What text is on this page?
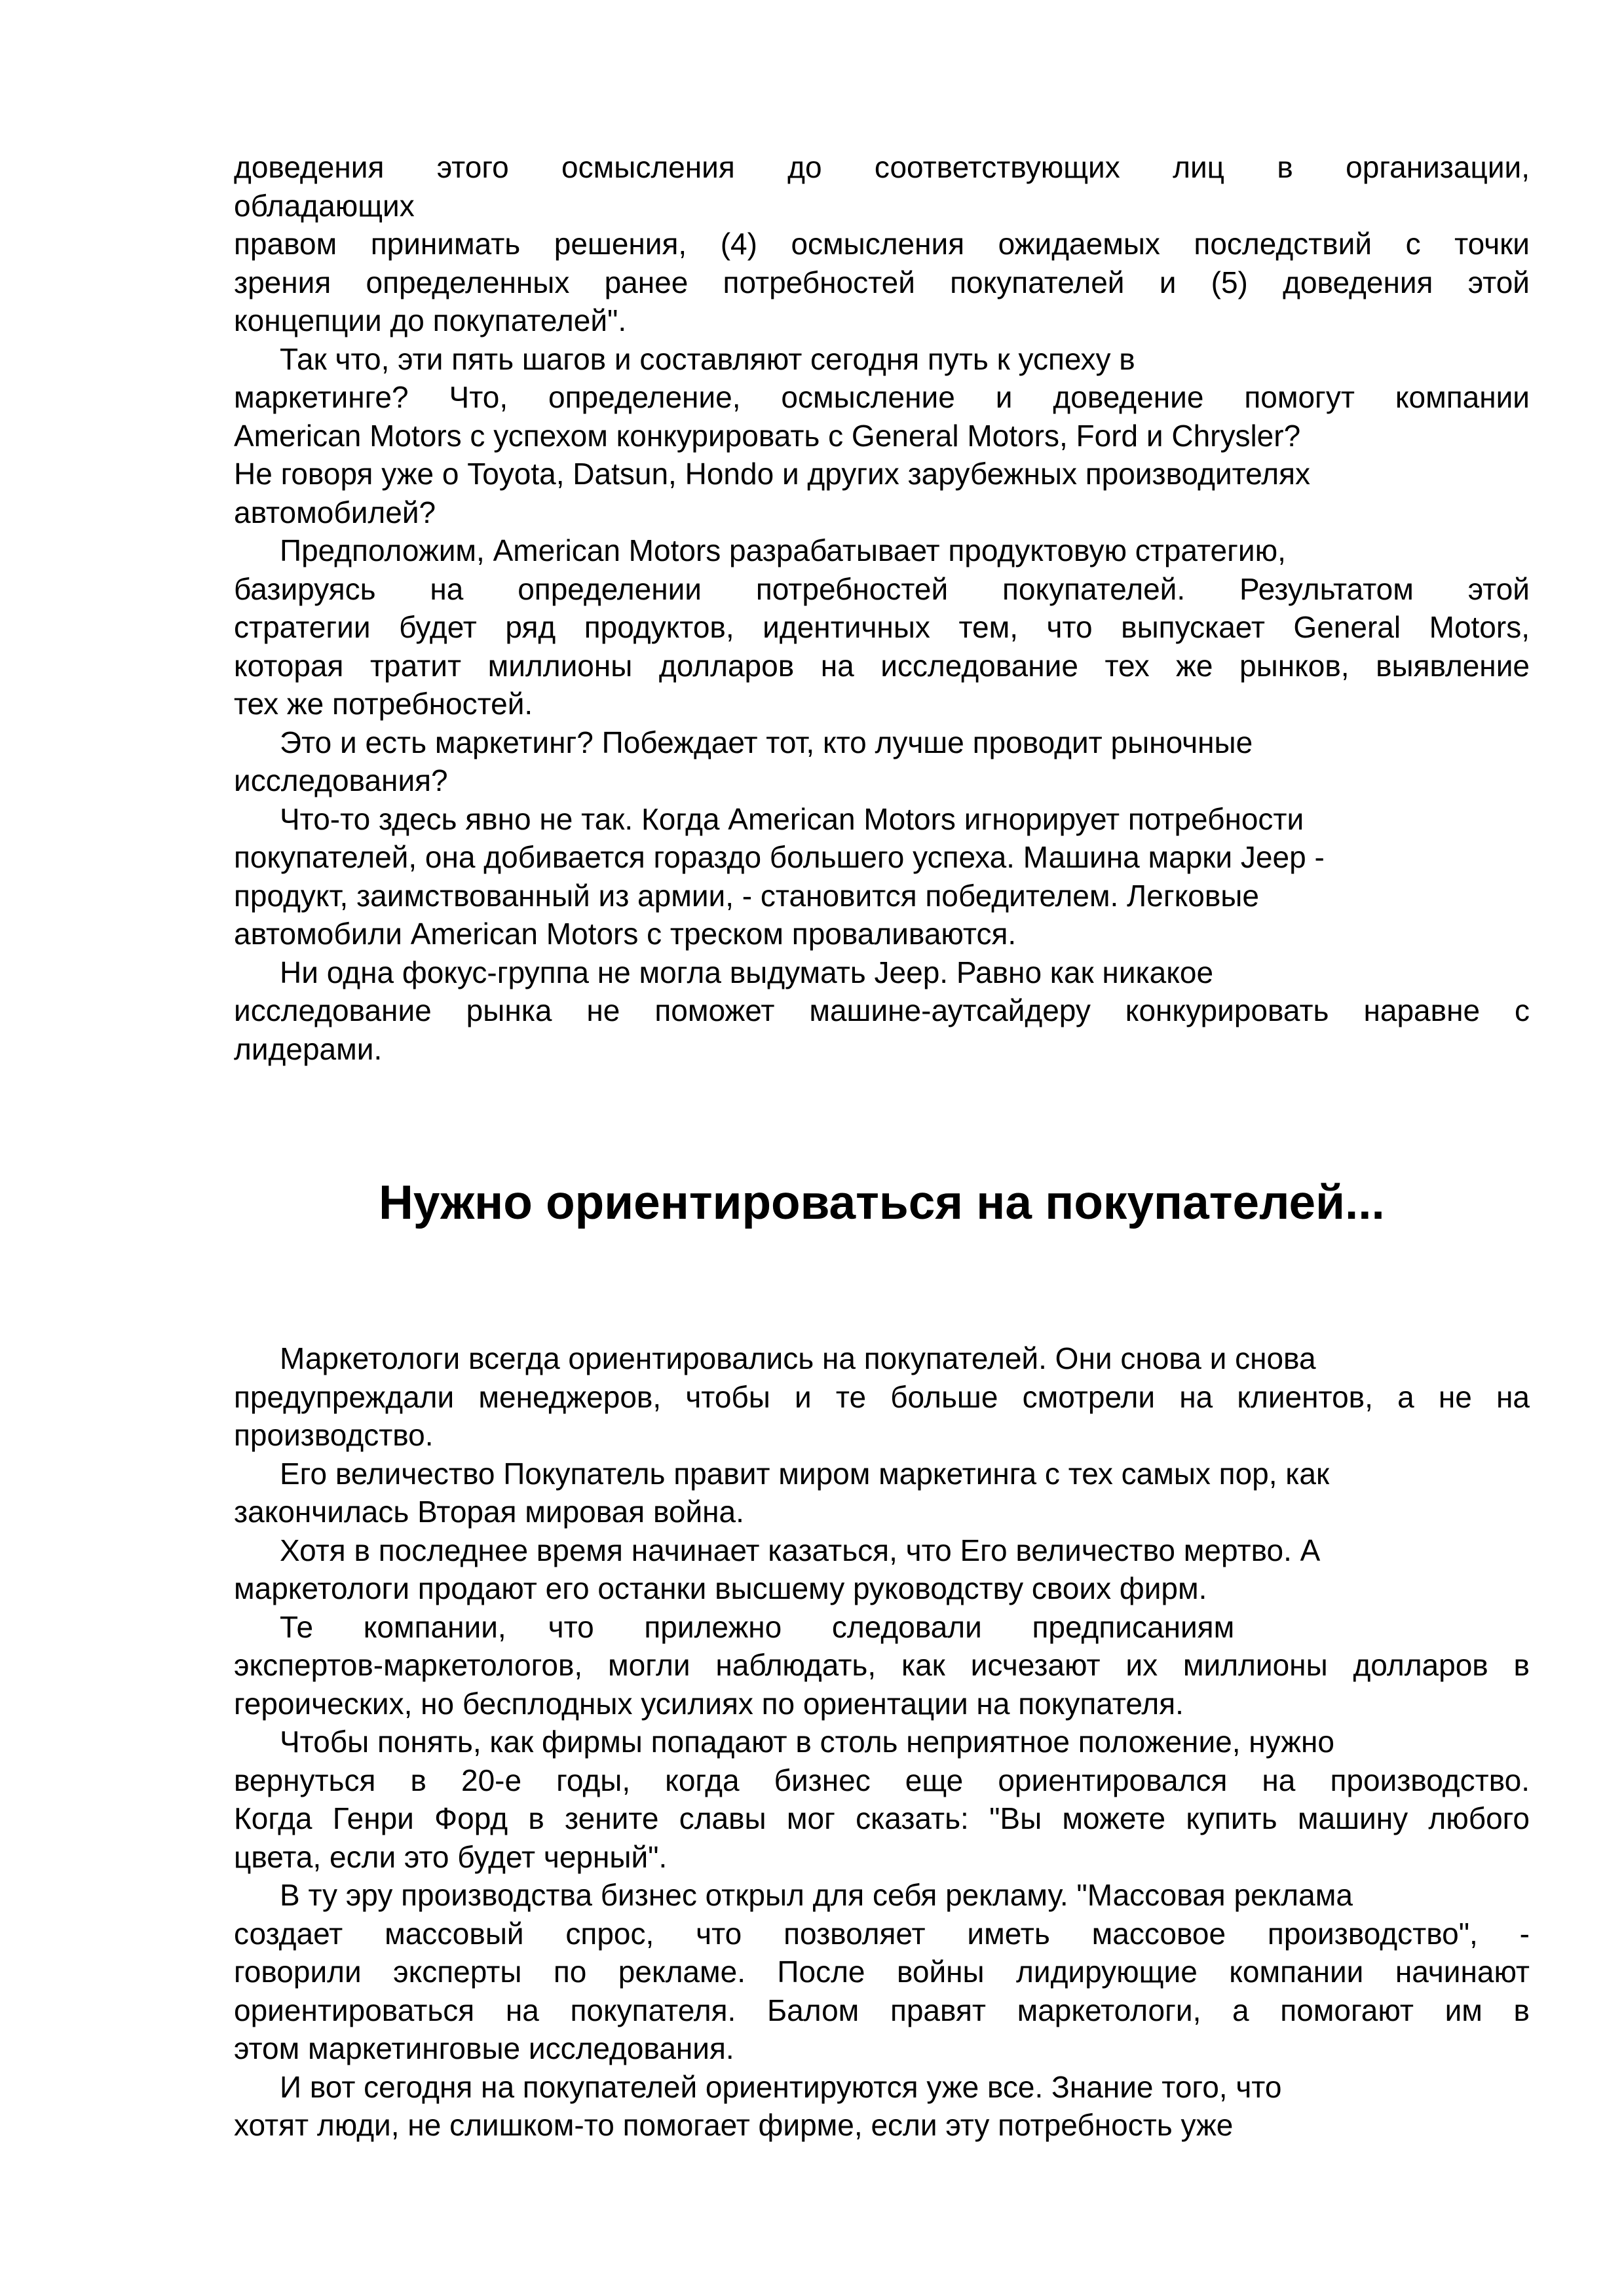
доведения этого осмысления до соответствующих лиц в организации,
обладающих
правом принимать решения, (4) осмысления ожидаемых последствий с точки
зрения определенных ранее потребностей покупателей и (5) доведения этой
концепции до покупателей".

Так что, эти пять шагов и составляют сегодня путь к успеху в
маркетинге? Что, определение, осмысление и доведение помогут компании
American Motors с успехом конкурировать с General Motors, Ford и Chrysler?
Не говоря уже о Toyota, Datsun, Hondo и других зарубежных производителях
автомобилей?

Предположим, American Motors разрабатывает продуктовую стратегию,
базируясь на определении потребностей покупателей. Результатом этой
стратегии будет ряд продуктов, идентичных тем, что выпускает General Motors,
которая тратит миллионы долларов на исследование тех же рынков, выявление
тех же потребностей.

Это и есть маркетинг? Побеждает тот, кто лучше проводит рыночные
исследования?

Что-то здесь явно не так. Когда American Motors игнорирует потребности
покупателей, она добивается гораздо большего успеха. Машина марки Jeep -
продукт, заимствованный из армии, - становится победителем. Легковые
автомобили American Motors с треском проваливаются.

Ни одна фокус-группа не могла выдумать Jeep. Равно как никакое
исследование рынка не поможет машине-аутсайдеру конкурировать наравне с
лидерами.

Нужно ориентироваться на покупателей...

Маркетологи всегда ориентировались на покупателей. Они снова и снова
предупреждали менеджеров, чтобы и те больше смотрели на клиентов, а не на
производство.

Его величество Покупатель правит миром маркетинга с тех самых пор, как
закончилась Вторая мировая война.

Хотя в последнее время начинает казаться, что Его величество мертво. А
маркетологи продают его останки высшему руководству своих фирм.

Те      компании,     что      прилежно      следовали      предписаниям
экспертов-маркетологов, могли наблюдать, как исчезают их миллионы долларов в
героических, но бесплодных усилиях по ориентации на покупателя.

Чтобы понять, как фирмы попадают в столь неприятное положение, нужно
вернуться в 20-е годы, когда бизнес еще ориентировался на производство.
Когда Генри Форд в зените славы мог сказать: "Вы можете купить машину любого
цвета, если это будет черный".

В ту эру производства бизнес открыл для себя рекламу. "Массовая реклама
создает массовый спрос, что позволяет иметь массовое производство", -
говорили эксперты по рекламе. После войны лидирующие компании начинают
ориентироваться на покупателя. Балом правят маркетологи, а помогают им в
этом маркетинговые исследования.

И вот сегодня на покупателей ориентируются уже все. Знание того, что
хотят люди, не слишком-то помогает фирме, если эту потребность уже
